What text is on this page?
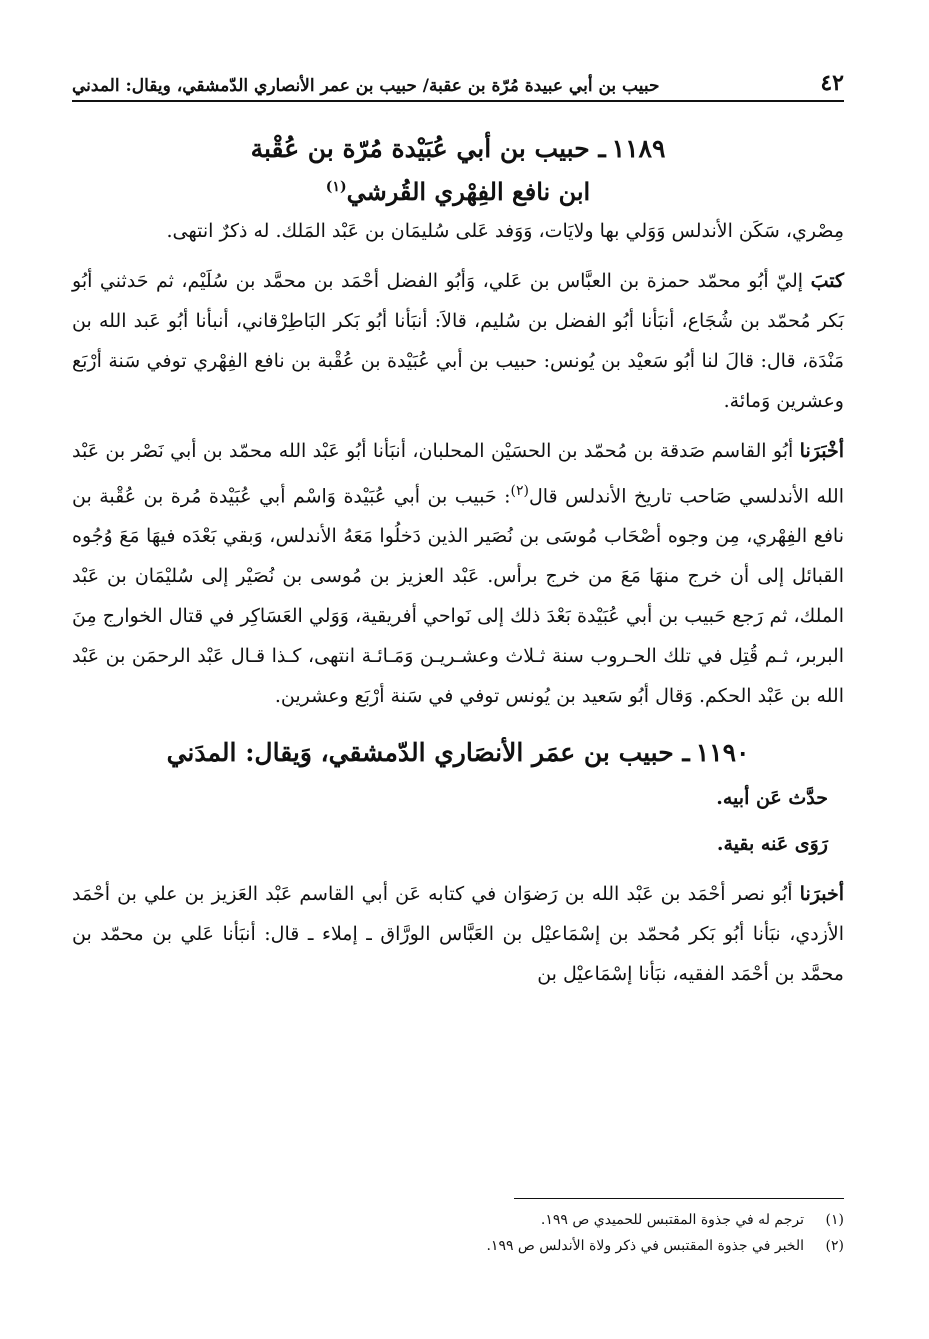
٤٢
حبيب بن أبي عبيدة مُرّة بن عقبة/ حبيب بن عمر الأنصاري الدّمشقي، ويقال: المدني
١١٨٩ـ حبيب بن أبي عُبَيْدة مُرّة بن عُقْبة
ابن نافع الفِهْري القُرشي$^{(١)}$

مِصْري، سَكَن الأندلس وَوَلي بها ولايَات، وَوَفد عَلى سُليمَان بن عَبْد المَلك. له ذكرٌ انتهى.

كتبَ إليّ أبُو محمّد حمزة بن العبَّاس بن عَلي، وَأبُو الفضل أحْمَد بن محمَّد بن سُلَيْم، ثم حَدثني أبُو بَكر مُحمّد بن شُجَاع، أنبَأنا أبُو الفضل بن سُليم، قالاَ: أنبَأنا أبُو بَكر البَاطِرْقاني، أنبأنا أبُو عَبد الله بن مَنْدَة، قال: قالَ لنا أبُو سَعيْد بن يُونس: حبيب بن أبي عُبَيْدة بن عُقْبة بن نافع الفِهْري توفي سَنة أرْبَع وعشرين وَمائة.

أخْبَرَنا أبُو القاسم صَدقة بن مُحمّد بن الحسَيْن المحلبان، أنبَأنا أبُو عَبْد الله محمّد بن أبي نَصْر بن عَبْد الله الأندلسي صَاحب تاريخ الأندلس قال$^{(٢)}$: حَبيب بن أبي عُبَيْدة وَاسْم أبي عُبَيْدة مُرة بن عُقْبة بن نافع الفِهْري، مِن وجوه أصْحَاب مُوسَى بن نُصَير الذين دَخلُوا مَعَهُ الأندلس، وَبقي بَعْدَه فيهَا مَعَ وُجُوه القبائل إلى أن خرج منهَا مَعَ من خرج برأس. عَبْد العزيز بن مُوسى بن نُصَيْر إلى سُليْمَان بن عَبْد الملك، ثم رَجع حَبيب بن أبي عُبَيْدة بَعْدَ ذلك إلى نَواحي أفريقية، وَوَلي العَسَاكِر في قتال الخوارج مِنَ البربر، ثـم قُتِل في تلك الحـروب سنة ثـلاث وعشـريـن وَمَـائـة انتهى، كـذا قـال عَبْد الرحمَن بن عَبْد الله بن عَبْد الحكم. وَقال أبُو سَعيد بن يُونس توفي في سَنة أرْبَع وعشرين.

١١٩٠ـ حبيب بن عمَر الأنصَاري الدّمشقي، وَيقال: المدَني

حدَّث عَن أبيه.

رَوَى عَنه بقية.

أخبرَنا أبُو نصر أحْمَد بن عَبْد الله بن رَضوَان في كتابه عَن أبي القاسم عَبْد العَزيز بن علي بن أحْمَد الأزدي، نبَأنا أبُو بَكر مُحمّد بن إسْمَاعيْل بن العَبَّاس الورَّاق ـ إملاء ـ قال: أنبَأنا عَلي بن محمّد بن محمَّد بن أحْمَد الفقيه، نبَأنا إسْمَاعيْل بن

(١)
ترجم له في جذوة المقتبس للحميدي ص ١٩٩.
(٢)
الخبر في جذوة المقتبس في ذكر ولاة الأندلس ص ١٩٩.
